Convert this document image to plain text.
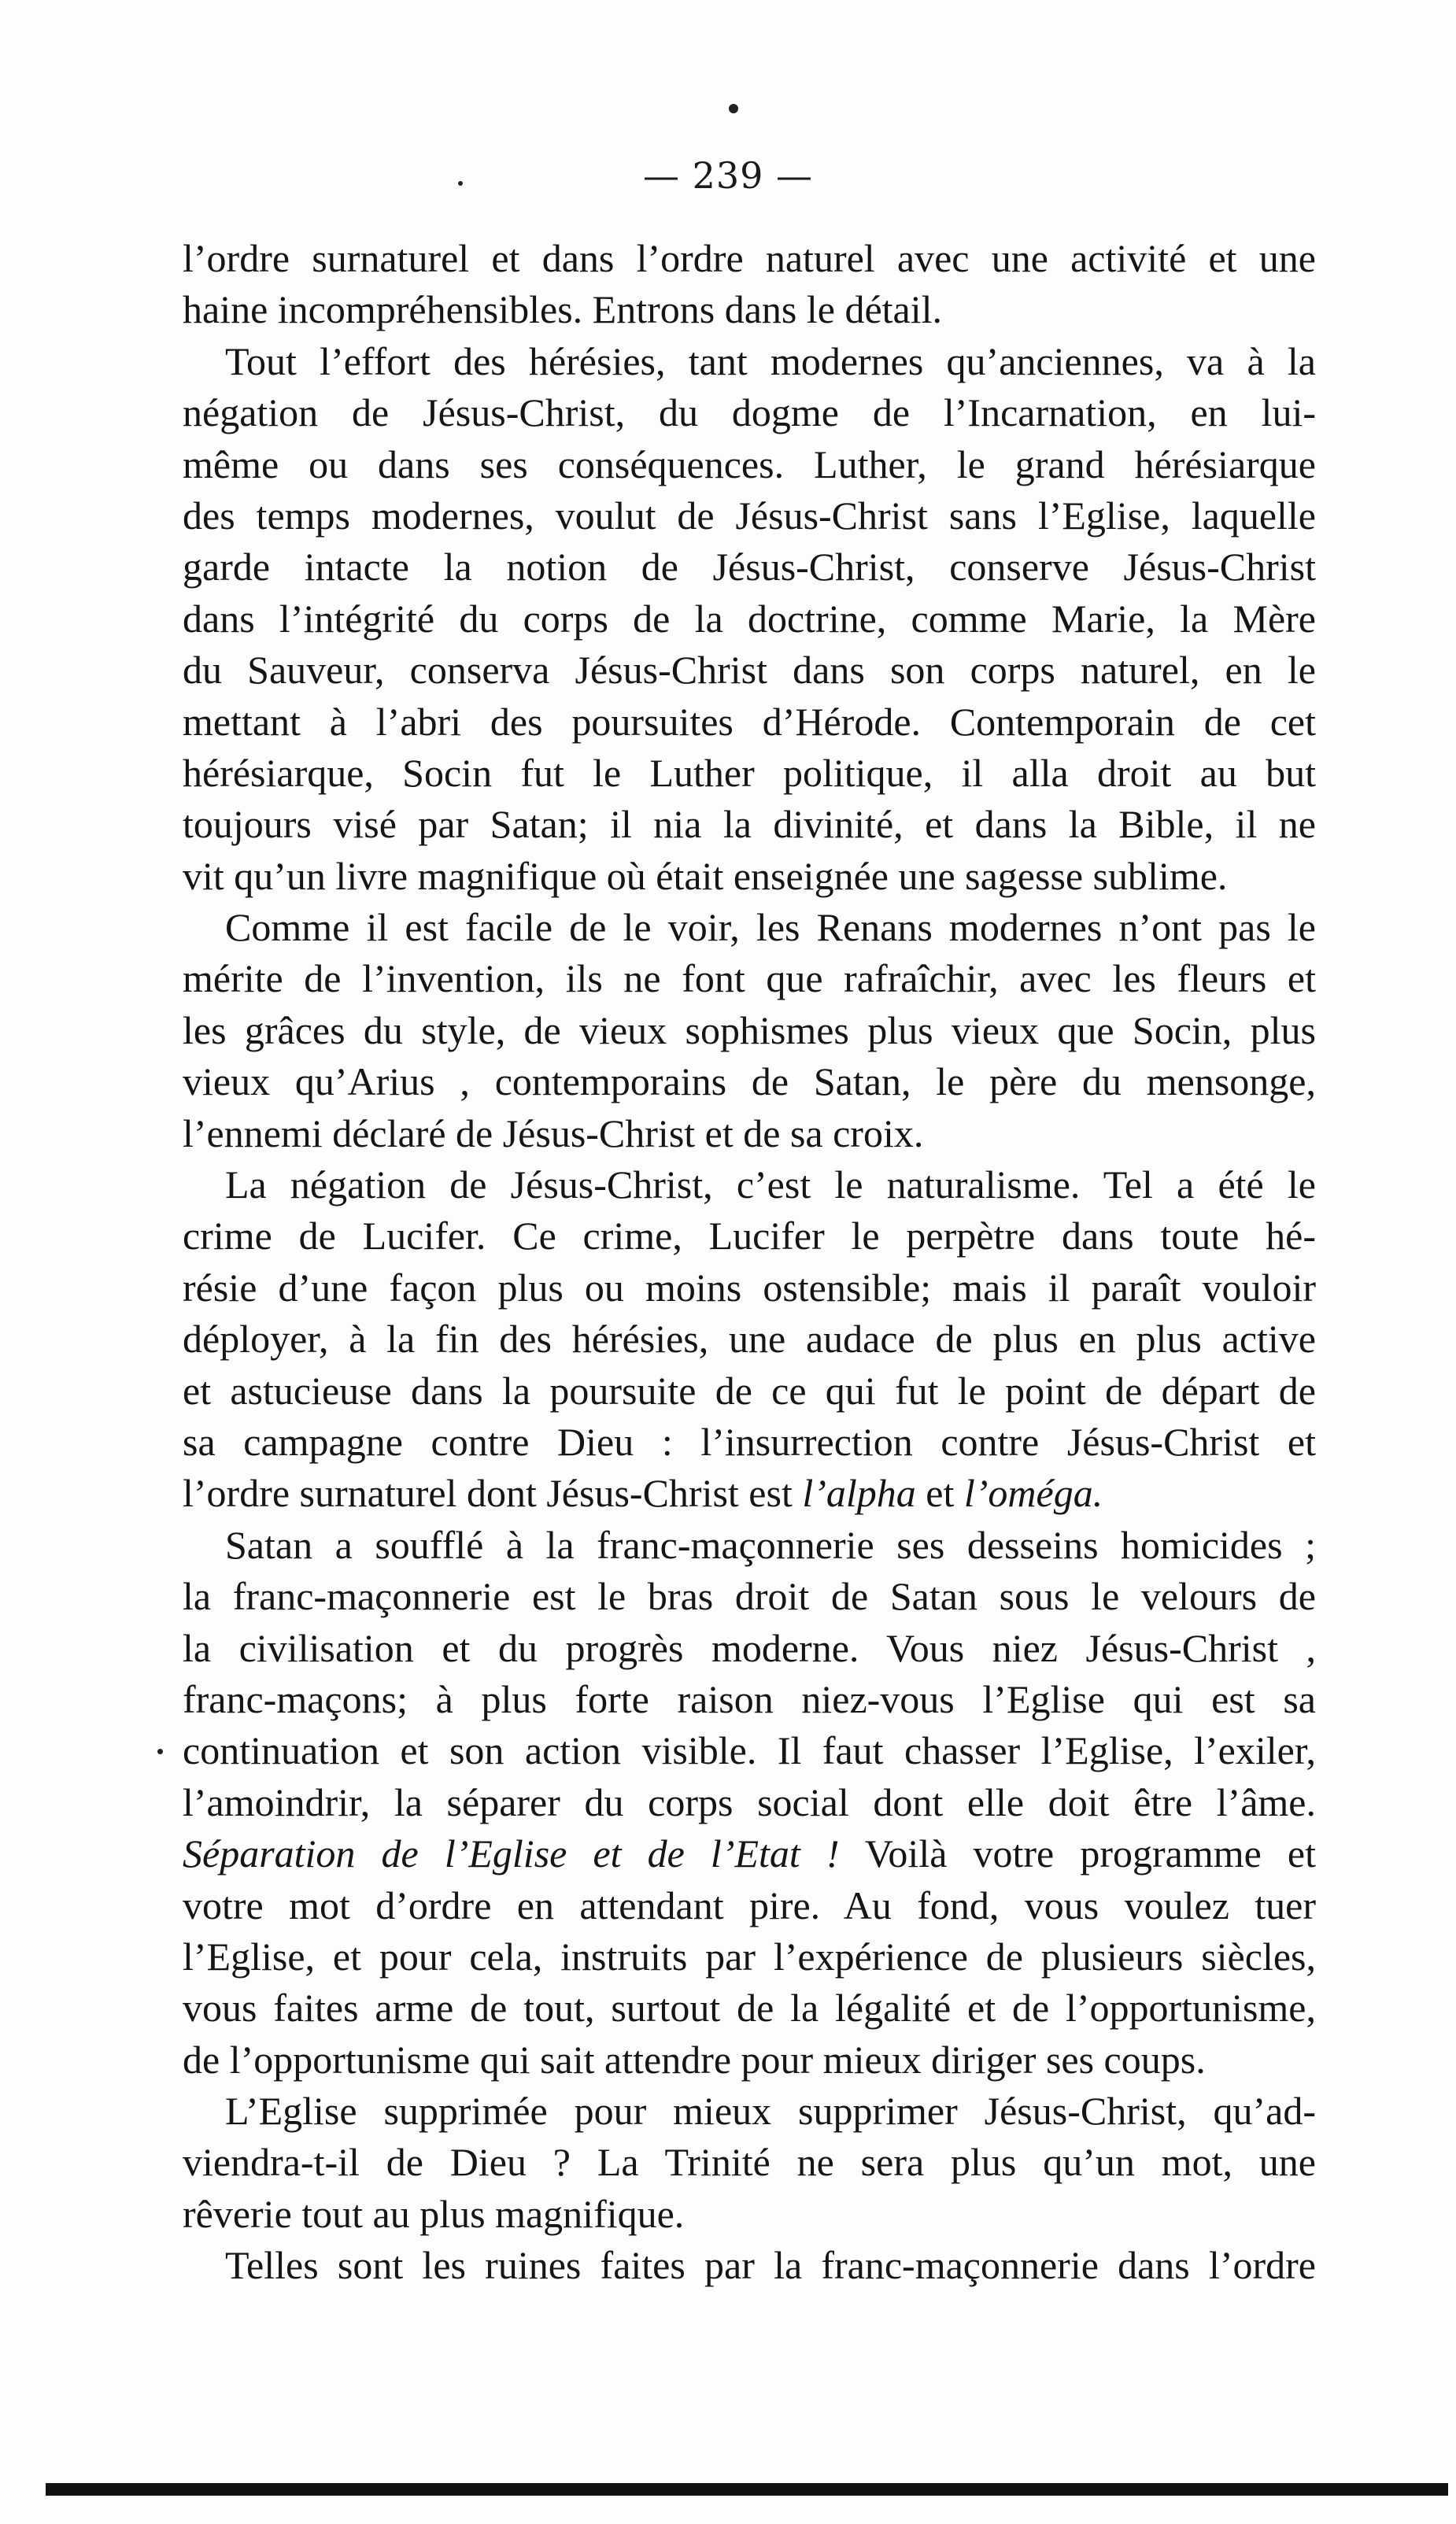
— 239 —
l’ordre surnaturel et dans l’ordre naturel avec une activité et une
haine incompréhensibles. Entrons dans le détail.
Tout l’effort des hérésies, tant modernes qu’anciennes, va à la
négation de Jésus-Christ, du dogme de l’Incarnation, en lui-
même ou dans ses conséquences. Luther, le grand hérésiarque
des temps modernes, voulut de Jésus-Christ sans l’Eglise, laquelle
garde intacte la notion de Jésus-Christ, conserve Jésus-Christ
dans l’intégrité du corps de la doctrine, comme Marie, la Mère
du Sauveur, conserva Jésus-Christ dans son corps naturel, en le
mettant à l’abri des poursuites d’Hérode. Contemporain de cet
hérésiarque, Socin fut le Luther politique, il alla droit au but
toujours visé par Satan; il nia la divinité, et dans la Bible, il ne
vit qu’un livre magnifique où était enseignée une sagesse sublime.
Comme il est facile de le voir, les Renans modernes n’ont pas le
mérite de l’invention, ils ne font que rafraîchir, avec les fleurs et
les grâces du style, de vieux sophismes plus vieux que Socin, plus
vieux qu’Arius , contemporains de Satan, le père du mensonge,
l’ennemi déclaré de Jésus-Christ et de sa croix.
La négation de Jésus-Christ, c’est le naturalisme. Tel a été le
crime de Lucifer. Ce crime, Lucifer le perpètre dans toute hé-
résie d’une façon plus ou moins ostensible; mais il paraît vouloir
déployer, à la fin des hérésies, une audace de plus en plus active
et astucieuse dans la poursuite de ce qui fut le point de départ de
sa campagne contre Dieu : l’insurrection contre Jésus-Christ et
l’ordre surnaturel dont Jésus-Christ est l’alpha et l’oméga.
Satan a soufflé à la franc-maçonnerie ses desseins homicides ;
la franc-maçonnerie est le bras droit de Satan sous le velours de
la civilisation et du progrès moderne. Vous niez Jésus-Christ ,
franc-maçons; à plus forte raison niez-vous l’Eglise qui est sa
continuation et son action visible. Il faut chasser l’Eglise, l’exiler,
l’amoindrir, la séparer du corps social dont elle doit être l’âme.
Séparation de l’Eglise et de l’Etat ! Voilà votre programme et
votre mot d’ordre en attendant pire. Au fond, vous voulez tuer
l’Eglise, et pour cela, instruits par l’expérience de plusieurs siècles,
vous faites arme de tout, surtout de la légalité et de l’opportunisme,
de l’opportunisme qui sait attendre pour mieux diriger ses coups.
L’Eglise supprimée pour mieux supprimer Jésus-Christ, qu’ad-
viendra-t-il de Dieu ? La Trinité ne sera plus qu’un mot, une
rêverie tout au plus magnifique.
Telles sont les ruines faites par la franc-maçonnerie dans l’ordre
